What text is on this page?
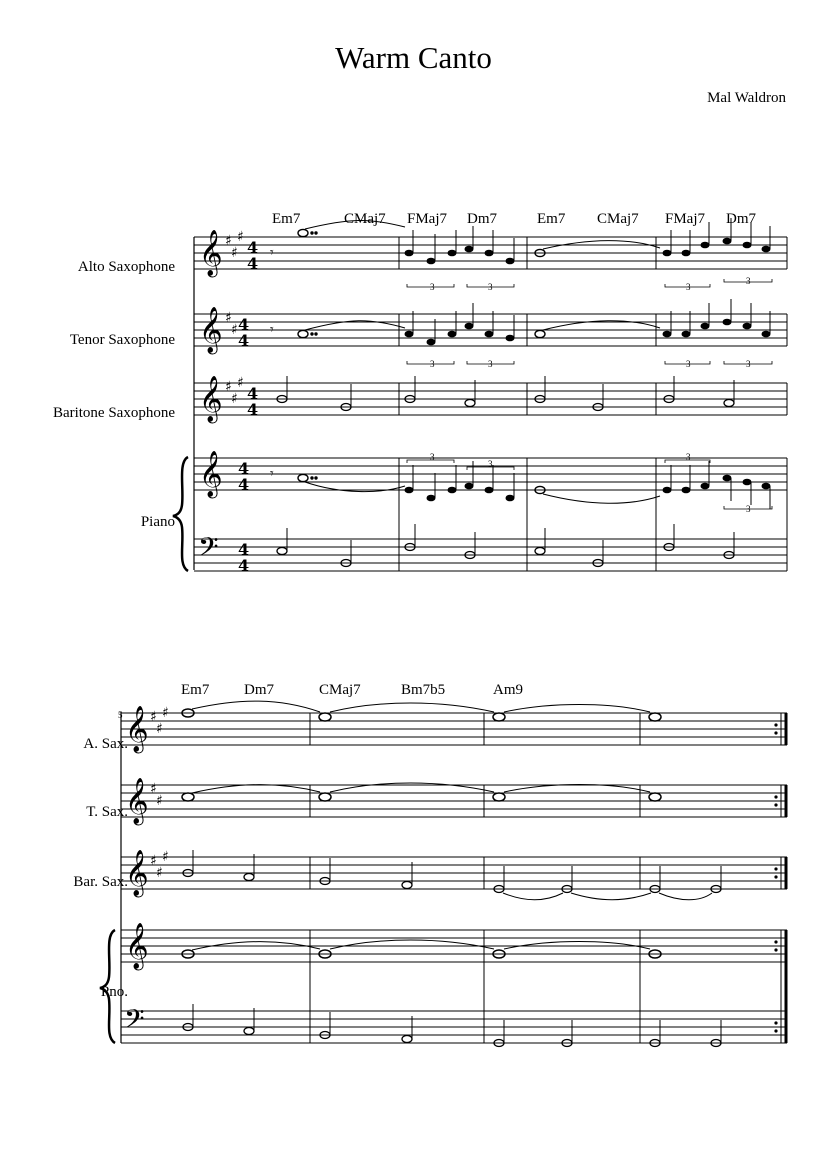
Warm Canto
Mal Waldron
Alto Saxophone
Tenor Saxophone
Baritone Saxophone
Piano
Em7	CMaj7 FMaj7 Dm7	Em7 CMaj7 FMaj7 Dm7
𝄞
𝄞
𝄞
𝄞
𝄢
♯
♯
♯
♯
♯
♯
♯
♯
4
4
4
4
4
4
4
4
4
4
𝄾
3	3	3
3
𝄾
3	3	3	3
𝄾
3
3
3
3
A. Sax.
T. Sax.
Bar. Sax.
Pno.
5
Em7 Dm7	CMaj7	Bm7b5	Am9
𝄞
𝄞
𝄞
𝄞
𝄢
♯
♯
♯
♯
♯
♯
♯
♯
